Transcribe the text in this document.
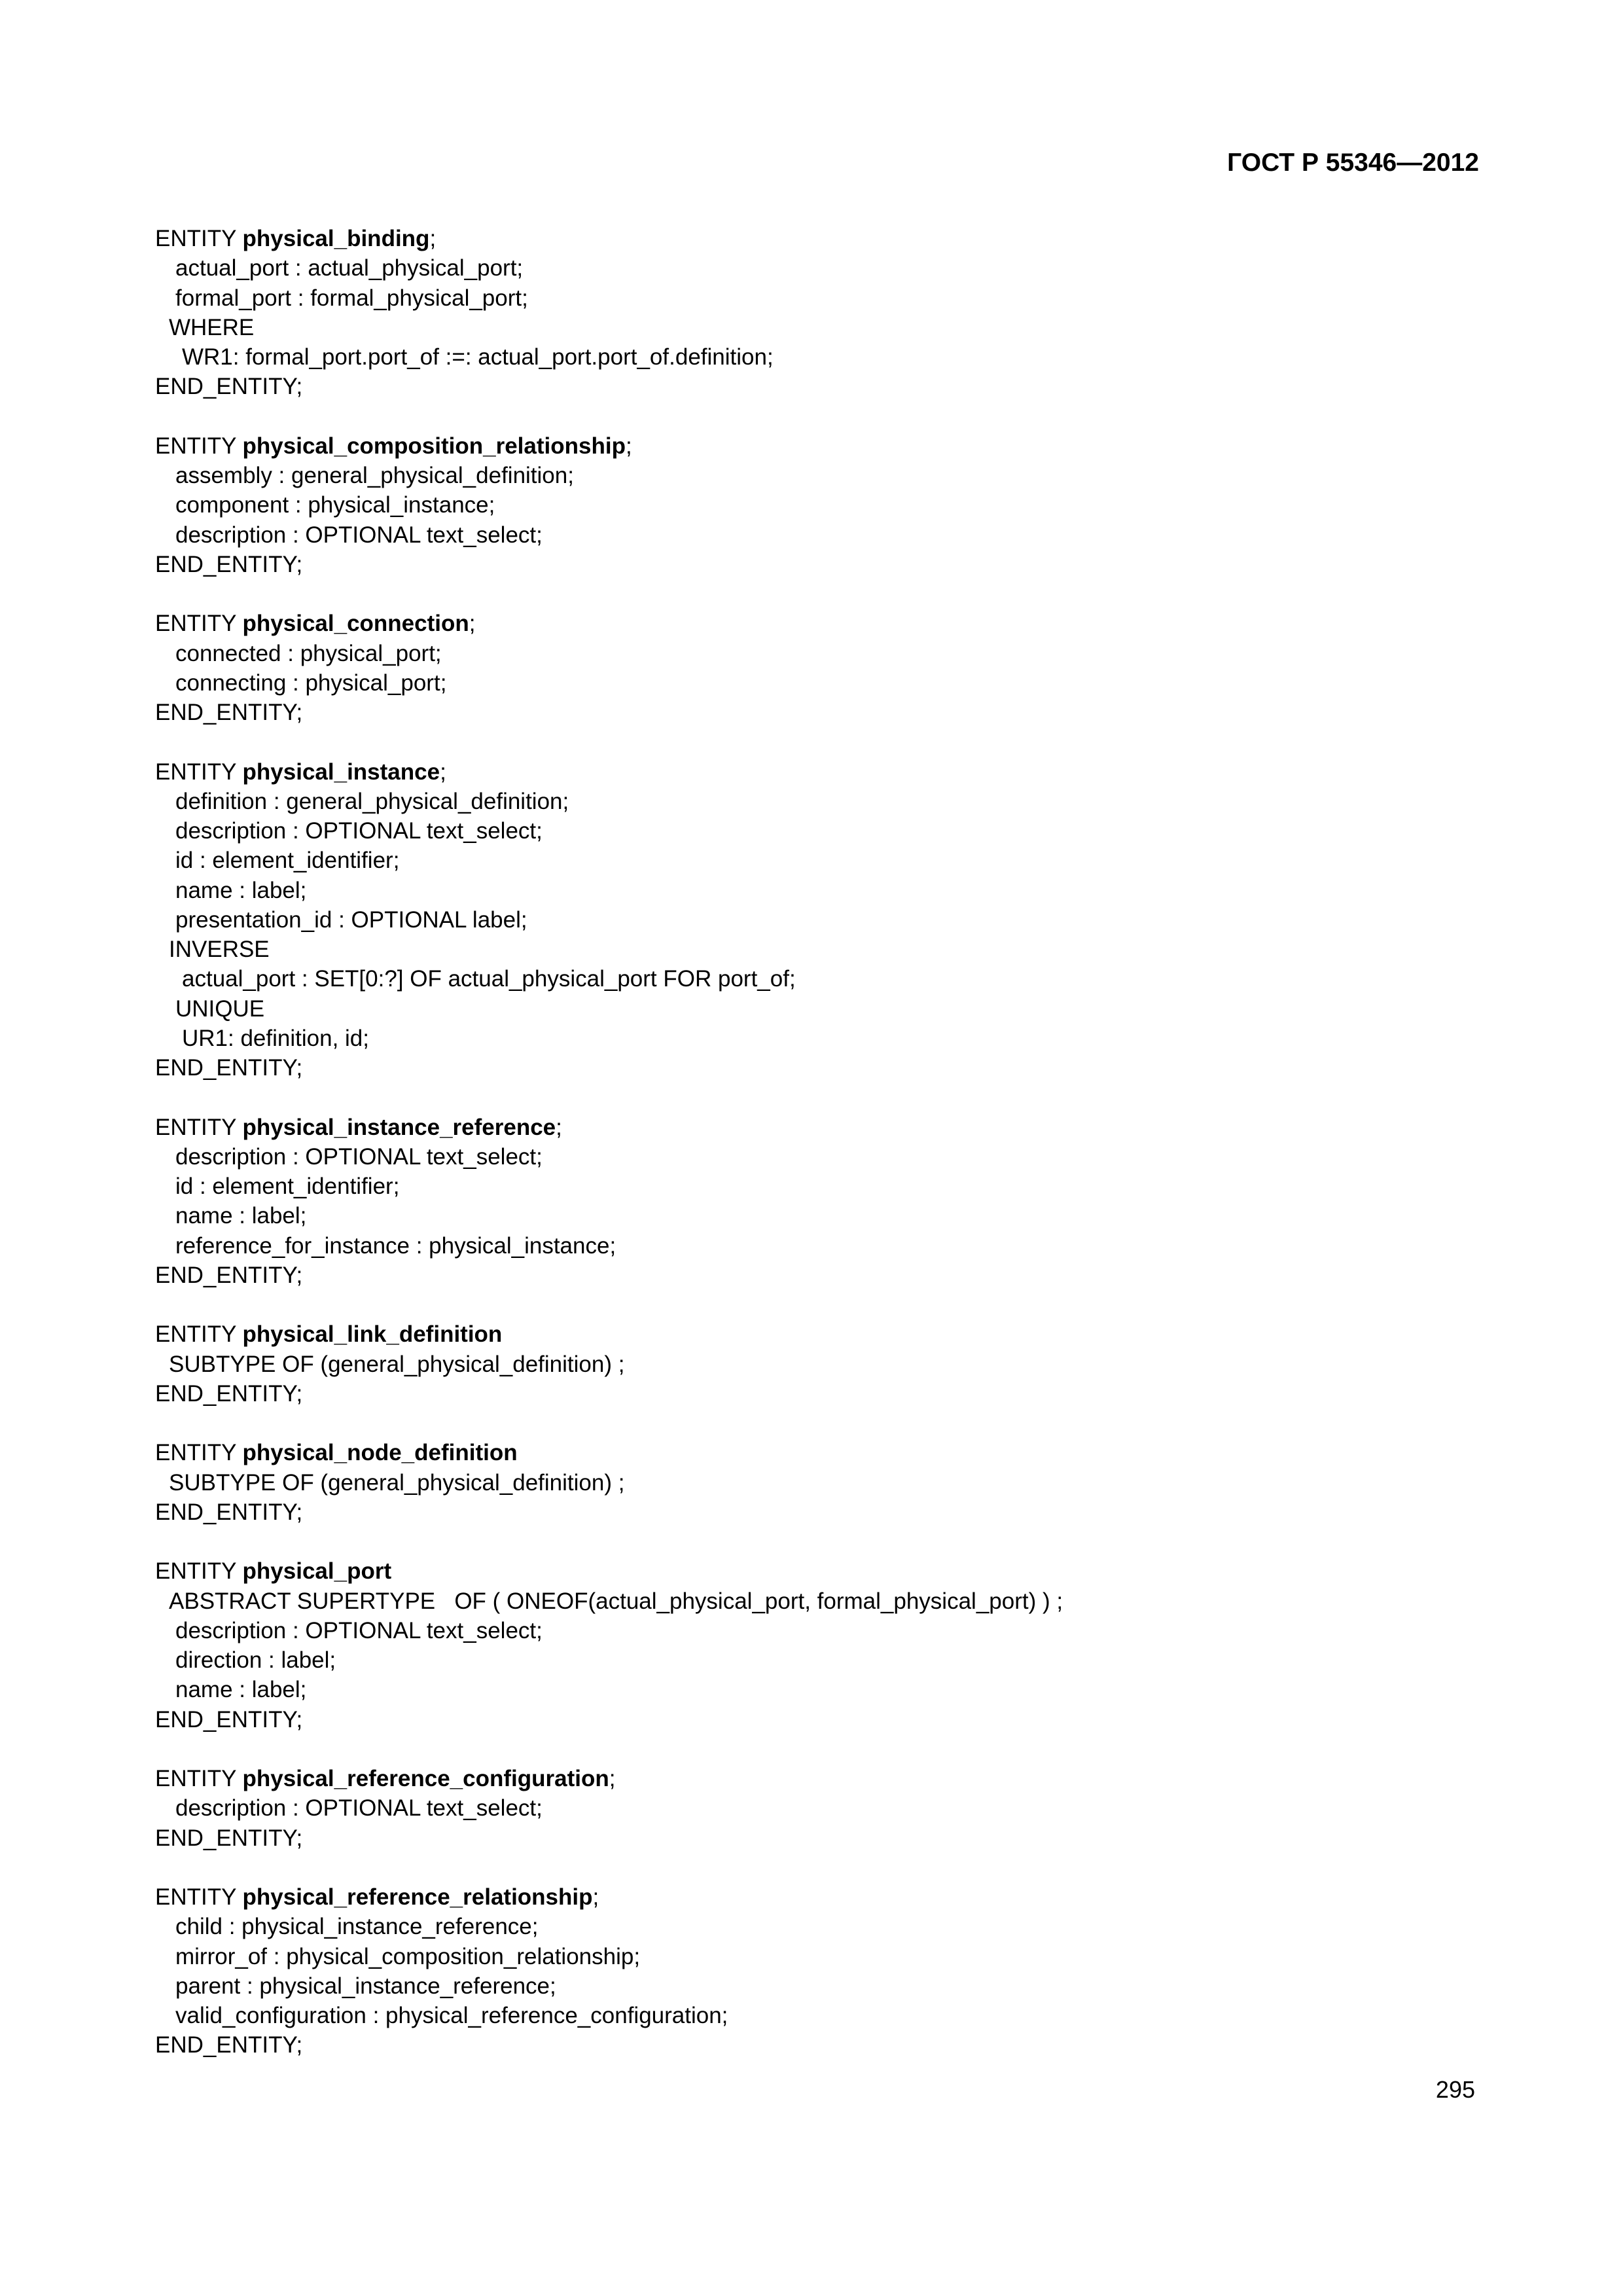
ГОСТ Р 55346—2012
ENTITY physical_binding;
actual_port : actual_physical_port;
formal_port : formal_physical_port;
WHERE
WR1: formal_port.port_of :=: actual_port.port_of.definition;
END_ENTITY;
ENTITY physical_composition_relationship;
assembly : general_physical_definition;
component : physical_instance;
description : OPTIONAL text_select;
END_ENTITY;
ENTITY physical_connection;
connected : physical_port;
connecting : physical_port;
END_ENTITY;
ENTITY physical_instance;
definition : general_physical_definition;
description : OPTIONAL text_select;
id : element_identifier;
name : label;
presentation_id : OPTIONAL label;
INVERSE
actual_port : SET[0:?] OF actual_physical_port FOR port_of;
UNIQUE
UR1: definition, id;
END_ENTITY;
ENTITY physical_instance_reference;
description : OPTIONAL text_select;
id : element_identifier;
name : label;
reference_for_instance : physical_instance;
END_ENTITY;
ENTITY physical_link_definition
SUBTYPE OF (general_physical_definition) ;
END_ENTITY;
ENTITY physical_node_definition
SUBTYPE OF (general_physical_definition) ;
END_ENTITY;
ENTITY physical_port
ABSTRACT SUPERTYPE   OF ( ONEOF(actual_physical_port, formal_physical_port) ) ;
description : OPTIONAL text_select;
direction : label;
name : label;
END_ENTITY;
ENTITY physical_reference_configuration;
description : OPTIONAL text_select;
END_ENTITY;
ENTITY physical_reference_relationship;
child : physical_instance_reference;
mirror_of : physical_composition_relationship;
parent : physical_instance_reference;
valid_configuration : physical_reference_configuration;
END_ENTITY;
295
